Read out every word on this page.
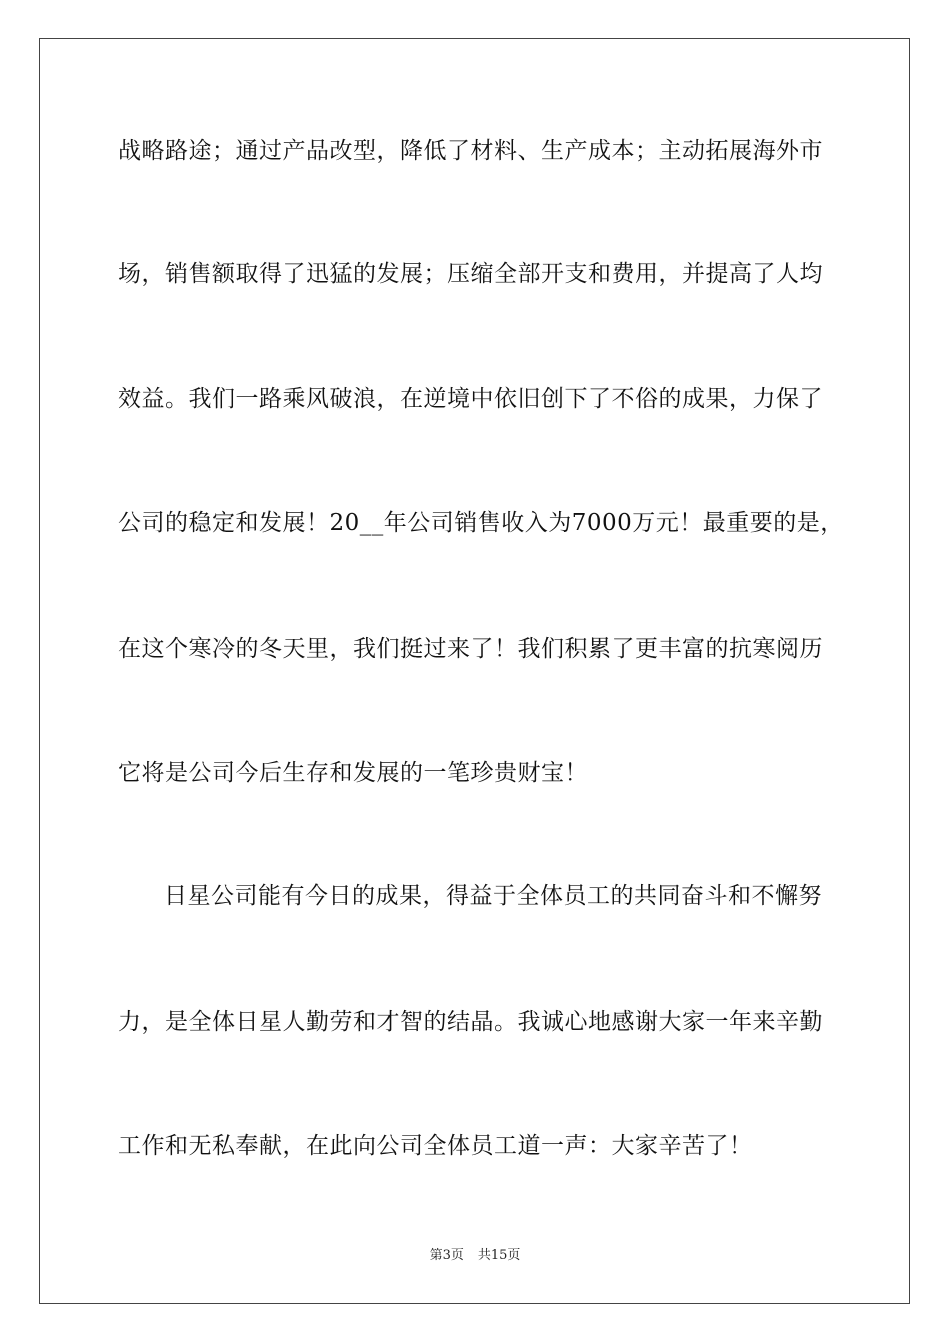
战略路途；通过产品改型，降低了材料、生产成本；主动拓展海外市
场，销售额取得了迅猛的发展；压缩全部开支和费用，并提高了人均
效益。我们一路乘风破浪，在逆境中依旧创下了不俗的成果，力保了
公司的稳定和发展！20__年公司销售收入为7000万元！最重要的是，
在这个寒冷的冬天里，我们挺过来了！我们积累了更丰富的抗寒阅历
它将是公司今后生存和发展的一笔珍贵财宝！
日星公司能有今日的成果，得益于全体员工的共同奋斗和不懈努
力，是全体日星人勤劳和才智的结晶。我诚心地感谢大家一年来辛勤
工作和无私奉献，在此向公司全体员工道一声：大家辛苦了！
第3页 共15页
